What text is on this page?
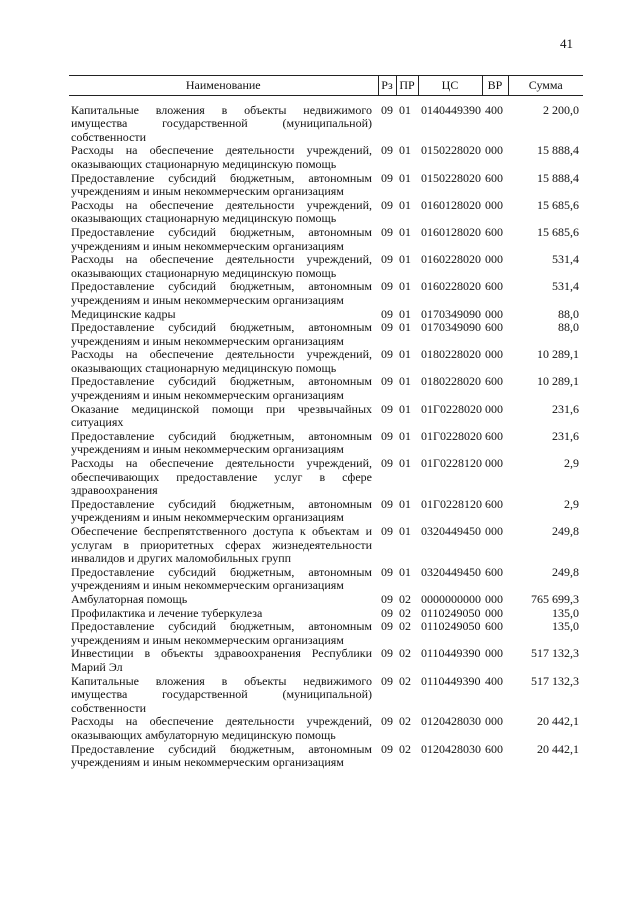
41
Наименование	Рз	ПР	ЦС	ВР	Сумма
Капитальные вложения в объекты недвижимого имущества государственной (муниципальной) собственности	09	01	0140449390	400	2 200,0
Расходы на обеспечение деятельности учреждений, оказывающих стационарную медицинскую помощь	09	01	0150228020	000	15 888,4
Предоставление субсидий бюджетным, автономным учреждениям и иным некоммерческим организациям	09	01	0150228020	600	15 888,4
Расходы на обеспечение деятельности учреждений, оказывающих стационарную медицинскую помощь	09	01	0160128020	000	15 685,6
Предоставление субсидий бюджетным, автономным учреждениям и иным некоммерческим организациям	09	01	0160128020	600	15 685,6
Расходы на обеспечение деятельности учреждений, оказывающих стационарную медицинскую помощь	09	01	0160228020	000	531,4
Предоставление субсидий бюджетным, автономным учреждениям и иным некоммерческим организациям	09	01	0160228020	600	531,4
Медицинские кадры	09	01	0170349090	000	88,0
Предоставление субсидий бюджетным, автономным учреждениям и иным некоммерческим организациям	09	01	0170349090	600	88,0
Расходы на обеспечение деятельности учреждений, оказывающих стационарную медицинскую помощь	09	01	0180228020	000	10 289,1
Предоставление субсидий бюджетным, автономным учреждениям и иным некоммерческим организациям	09	01	0180228020	600	10 289,1
Оказание медицинской помощи при чрезвычайных ситуациях	09	01	01Г0228020	000	231,6
Предоставление субсидий бюджетным, автономным учреждениям и иным некоммерческим организациям	09	01	01Г0228020	600	231,6
Расходы на обеспечение деятельности учреждений, обеспечивающих предоставление услуг в сфере здравоохранения	09	01	01Г0228120	000	2,9
Предоставление субсидий бюджетным, автономным учреждениям и иным некоммерческим организациям	09	01	01Г0228120	600	2,9
Обеспечение беспрепятственного доступа к объектам и услугам в приоритетных сферах жизнедеятельности инвалидов и других маломобильных групп	09	01	0320449450	000	249,8
Предоставление субсидий бюджетным, автономным учреждениям и иным некоммерческим организациям	09	01	0320449450	600	249,8
Амбулаторная помощь	09	02	0000000000	000	765 699,3
Профилактика и лечение туберкулеза	09	02	0110249050	000	135,0
Предоставление субсидий бюджетным, автономным учреждениям и иным некоммерческим организациям	09	02	0110249050	600	135,0
Инвестиции в объекты здравоохранения Республики Марий Эл	09	02	0110449390	000	517 132,3
Капитальные вложения в объекты недвижимого имущества государственной (муниципальной) собственности	09	02	0110449390	400	517 132,3
Расходы на обеспечение деятельности учреждений, оказывающих амбулаторную медицинскую помощь	09	02	0120428030	000	20 442,1
Предоставление субсидий бюджетным, автономным учреждениям и иным некоммерческим организациям	09	02	0120428030	600	20 442,1
